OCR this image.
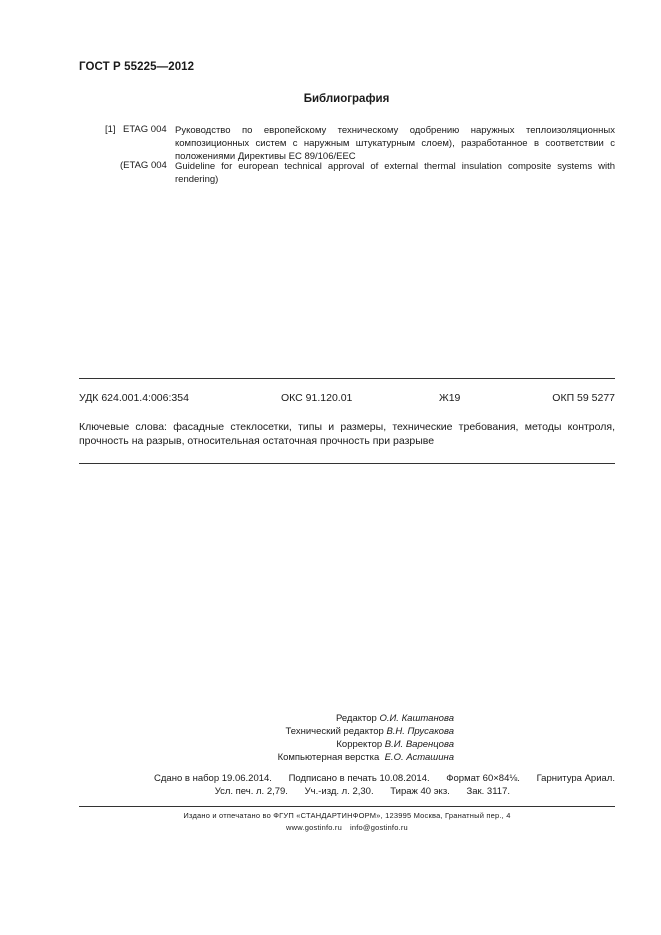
ГОСТ Р 55225—2012
Библиография
[1] ETAG 004 Руководство по европейскому техническому одобрению наружных теплоизоляционных композиционных систем с наружным штукатурным слоем), разработанное в соответствии с положениями Директивы ЕС 89/106/ЕЕС
(ETAG 004 Guideline for european technical approval of external thermal insulation composite systems with rendering)
УДК 624.001.4:006:354	ОКС 91.120.01	Ж19	ОКП 59 5277
Ключевые слова: фасадные стеклосетки, типы и размеры, технические требования, методы контроля, прочность на разрыв, относительная остаточная прочность при разрыве
Редактор О.И. Каштанова
Технический редактор В.Н. Прусакова
Корректор В.И. Варенцова
Компьютерная верстка Е.О. Асташина
Сдано в набор 19.06.2014. Подписано в печать 10.08.2014. Формат 60×84⅛. Гарнитура Ариал.
Усл. печ. л. 2,79. Уч.-изд. л. 2,30. Тираж 40 экз. Зак. 3117.
Издано и отпечатано во ФГУП «СТАНДАРТИНФОРМ», 123995 Москва, Гранатный пер., 4
www.gostinfo.ru info@gostinfo.ru
